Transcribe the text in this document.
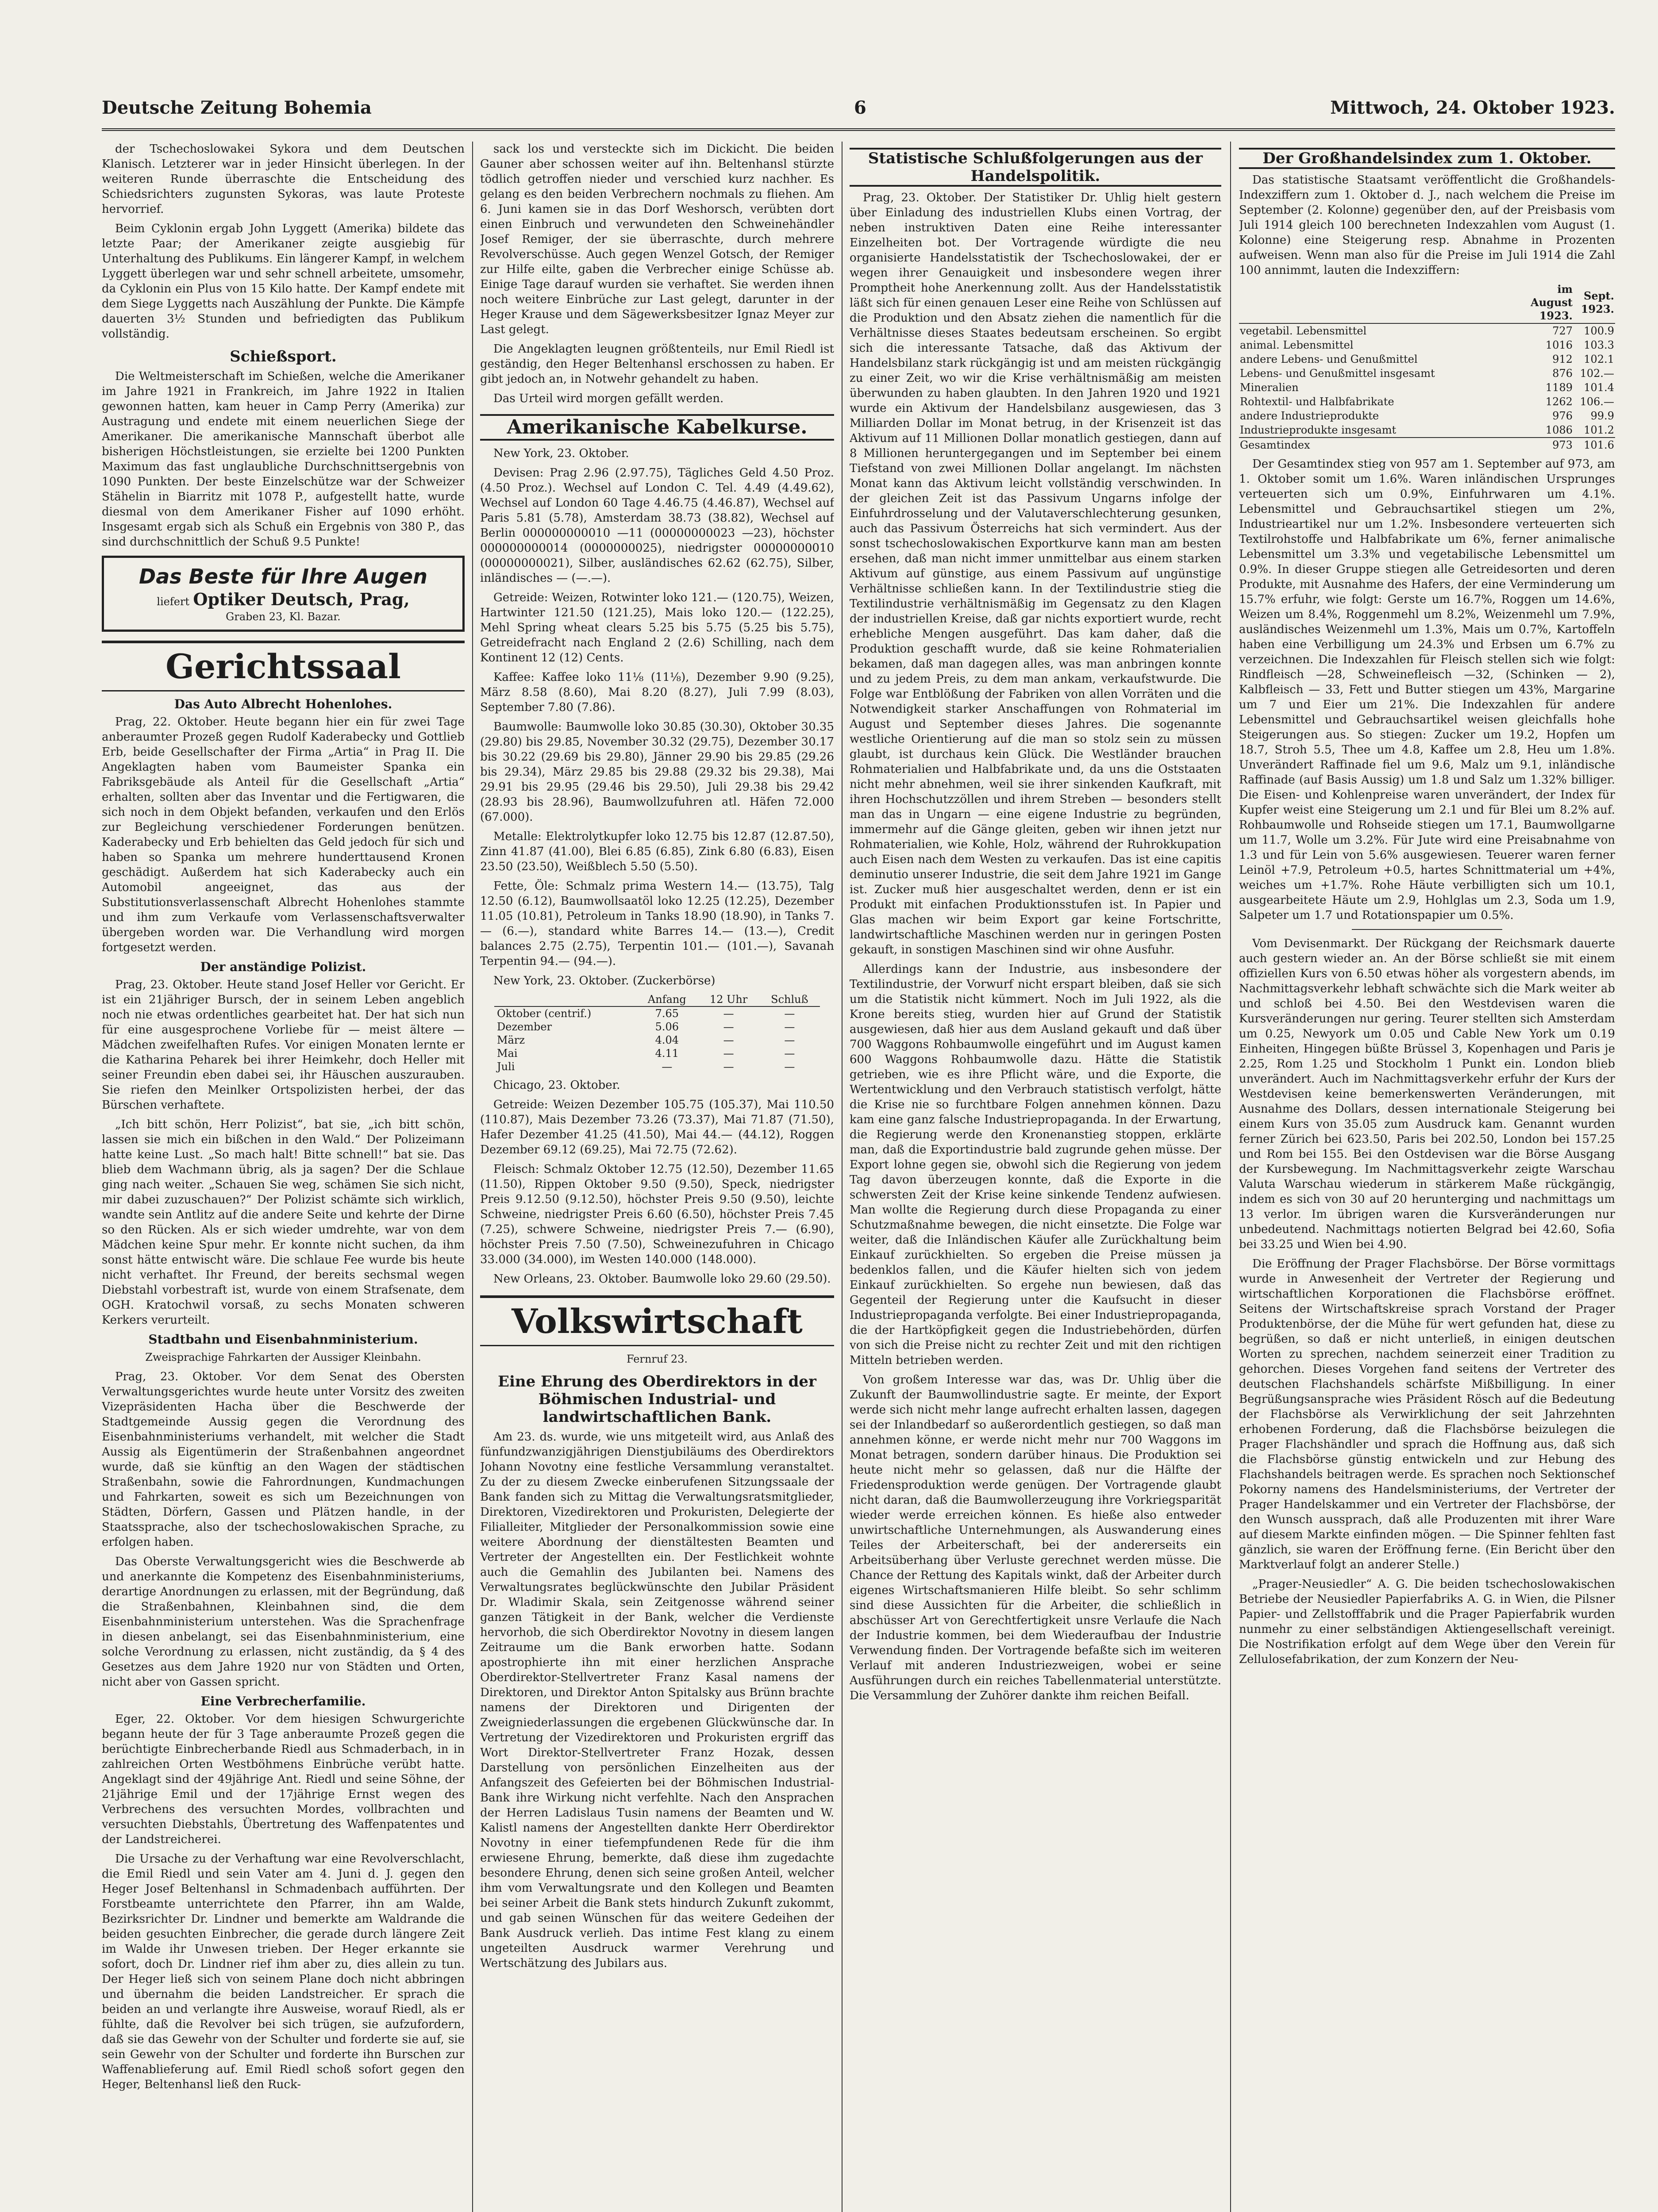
Deutsche Zeitung Bohemia	6	Mittwoch, 24. Oktober 1923.

der Tschechoslowakei Sykora und dem Deutschen Klanisch. Letzterer war in jeder Hinsicht überlegen. In der weiteren Runde überraschte die Entscheidung des Schiedsrichters zugunsten Sykoras, was laute Proteste hervorrief.

Beim Cyklonin ergab John Lyggett (Amerika) bildete das letzte Paar; der Amerikaner zeigte ausgiebig für Unterhaltung des Publikums. Ein längerer Kampf, in welchem Lyggett überlegen war und sehr schnell arbeitete, umsomehr, da Cyklonin ein Plus von 15 Kilo hatte. Der Kampf endete mit dem Siege Lyggetts nach Auszählung der Punkte. Die Kämpfe dauerten 3½ Stunden und befriedigten das Publikum vollständig.

Schießsport.

Die Weltmeisterschaft im Schießen, welche die Amerikaner im Jahre 1921 in Frankreich, im Jahre 1922 in Italien gewonnen hatten, kam heuer in Camp Perry (Amerika) zur Austragung und endete mit einem neuerlichen Siege der Amerikaner. Die amerikanische Mannschaft überbot alle bisherigen Höchstleistungen, sie erzielte bei 1200 Punkten Maximum das fast unglaubliche Durchschnittsergebnis von 1090 Punkten. Der beste Einzelschütze war der Schweizer Stähelin in Biarritz mit 1078 P., aufgestellt hatte, wurde diesmal von dem Amerikaner Fisher auf 1090 erhöht. Insgesamt ergab sich als Schuß ein Ergebnis von 380 P., das sind durchschnittlich der Schuß 9.5 Punkte!

Das Beste für Ihre Augen
liefert Optiker Deutsch, Prag,
Graben 23, Kl. Bazar.
Gerichtssaal
Das Auto Albrecht Hohenlohes.

Prag, 22. Oktober. Heute begann hier ein für zwei Tage anberaumter Prozeß gegen Rudolf Kaderabecky und Gottlieb Erb, beide Gesellschafter der Firma „Artia“ in Prag II. Die Angeklagten haben vom Baumeister Spanka ein Fabriksgebäude als Anteil für die Gesellschaft „Artia“ erhalten, sollten aber das Inventar und die Fertigwaren, die sich noch in dem Objekt befanden, verkaufen und den Erlös zur Begleichung verschiedener Forderungen benützen. Kaderabecky und Erb behielten das Geld jedoch für sich und haben so Spanka um mehrere hunderttausend Kronen geschädigt. Außerdem hat sich Kaderabecky auch ein Automobil angeeignet, das aus der Substitutionsverlassenschaft Albrecht Hohenlohes stammte und ihm zum Verkaufe vom Verlassenschaftsverwalter übergeben worden war. Die Verhandlung wird morgen fortgesetzt werden.

Der anständige Polizist.

Prag, 23. Oktober. Heute stand Josef Heller vor Gericht. Er ist ein 21jähriger Bursch, der in seinem Leben angeblich noch nie etwas ordentliches gearbeitet hat. Der hat sich nun für eine ausgesprochene Vorliebe für — meist ältere — Mädchen zweifelhaften Rufes. Vor einigen Monaten lernte er die Katharina Peharek bei ihrer Heimkehr, doch Heller mit seiner Freundin eben dabei sei, ihr Häuschen auszurauben. Sie riefen den Meinlker Ortspolizisten herbei, der das Bürschen verhaftete.

„Ich bitt schön, Herr Polizist“, bat sie, „ich bitt schön, lassen sie mich ein bißchen in den Wald.“ Der Polizeimann hatte keine Lust. „So mach halt! Bitte schnell!“ bat sie. Das blieb dem Wachmann übrig, als ja sagen? Der die Schlaue ging nach weiter. „Schauen Sie weg, schämen Sie sich nicht, mir dabei zuzuschauen?“ Der Polizist schämte sich wirklich, wandte sein Antlitz auf die andere Seite und kehrte der Dirne so den Rücken. Als er sich wieder umdrehte, war von dem Mädchen keine Spur mehr. Er konnte nicht suchen, da ihm sonst hätte entwischt wäre. Die schlaue Fee wurde bis heute nicht verhaftet. Ihr Freund, der bereits sechsmal wegen Diebstahl vorbestraft ist, wurde von einem Strafsenate, dem OGH. Kratochwil vorsaß, zu sechs Monaten schweren Kerkers verurteilt.

Stadtbahn und Eisenbahnministerium.
Zweisprachige Fahrkarten der Aussiger Kleinbahn.

Prag, 23. Oktober. Vor dem Senat des Obersten Verwaltungsgerichtes wurde heute unter Vorsitz des zweiten Vizepräsidenten Hacha über die Beschwerde der Stadtgemeinde Aussig gegen die Verordnung des Eisenbahnministeriums verhandelt, mit welcher die Stadt Aussig als Eigentümerin der Straßenbahnen angeordnet wurde, daß sie künftig an den Wagen der städtischen Straßenbahn, sowie die Fahrordnungen, Kundmachungen und Fahrkarten, soweit es sich um Bezeichnungen von Städten, Dörfern, Gassen und Plätzen handle, in der Staatssprache, also der tschechoslowakischen Sprache, zu erfolgen haben.

Das Oberste Verwaltungsgericht wies die Beschwerde ab und anerkannte die Kompetenz des Eisenbahnministeriums, derartige Anordnungen zu erlassen, mit der Begründung, daß die Straßenbahnen, Kleinbahnen sind, die dem Eisenbahnministerium unterstehen. Was die Sprachenfrage in diesen anbelangt, sei das Eisenbahnministerium, eine solche Verordnung zu erlassen, nicht zuständig, da § 4 des Gesetzes aus dem Jahre 1920 nur von Städten und Orten, nicht aber von Gassen spricht.

Eine Verbrecherfamilie.

Eger, 22. Oktober. Vor dem hiesigen Schwurgerichte begann heute der für 3 Tage anberaumte Prozeß gegen die berüchtigte Einbrecherbande Riedl aus Schmaderbach, in in zahlreichen Orten Westböhmens Einbrüche verübt hatte. Angeklagt sind der 49jährige Ant. Riedl und seine Söhne, der 21jährige Emil und der 17jährige Ernst wegen des Verbrechens des versuchten Mordes, vollbrachten und versuchten Diebstahls, Übertretung des Waffenpatentes und der Landstreicherei.

Die Ursache zu der Verhaftung war eine Revolverschlacht, die Emil Riedl und sein Vater am 4. Juni d. J. gegen den Heger Josef Beltenhansl in Schmadenbach aufführten. Der Forstbeamte unterrichtete den Pfarrer, ihn am Walde, Bezirksrichter Dr. Lindner und bemerkte am Waldrande die beiden gesuchten Einbrecher, die gerade durch längere Zeit im Walde ihr Unwesen trieben. Der Heger erkannte sie sofort, doch Dr. Lindner rief ihm aber zu, dies allein zu tun. Der Heger ließ sich von seinem Plane doch nicht abbringen und übernahm die beiden Landstreicher. Er sprach die beiden an und verlangte ihre Ausweise, worauf Riedl, als er fühlte, daß die Revolver bei sich trügen, sie aufzufordern, daß sie das Gewehr von der Schulter und forderte sie auf, sie sein Gewehr von der Schulter und forderte ihn Burschen zur Waffenablieferung auf. Emil Riedl schoß sofort gegen den Heger, Beltenhansl ließ den Ruck-

sack los und versteckte sich im Dickicht. Die beiden Gauner aber schossen weiter auf ihn. Beltenhansl stürzte tödlich getroffen nieder und verschied kurz nachher. Es gelang es den beiden Verbrechern nochmals zu fliehen. Am 6. Juni kamen sie in das Dorf Weshorsch, verübten dort einen Einbruch und verwundeten den Schweinehändler Josef Remiger, der sie überraschte, durch mehrere Revolverschüsse. Auch gegen Wenzel Gotsch, der Remiger zur Hilfe eilte, gaben die Verbrecher einige Schüsse ab. Einige Tage darauf wurden sie verhaftet. Sie werden ihnen noch weitere Einbrüche zur Last gelegt, darunter in der Heger Krause und dem Sägewerksbesitzer Ignaz Meyer zur Last gelegt.

Die Angeklagten leugnen größtenteils, nur Emil Riedl ist geständig, den Heger Beltenhansl erschossen zu haben. Er gibt jedoch an, in Notwehr gehandelt zu haben.

Das Urteil wird morgen gefällt werden.

Amerikanische Kabelkurse.

New York, 23. Oktober.

Devisen: Prag 2.96 (2.97.75), Tägliches Geld 4.50 Proz. (4.50 Proz.). Wechsel auf London C. Tel. 4.49 (4.49.62), Wechsel auf London 60 Tage 4.46.75 (4.46.87), Wechsel auf Paris 5.81 (5.78), Amsterdam 38.73 (38.82), Wechsel auf Berlin 000000000010 —11 (00000000023 —23), höchster 000000000014 (0000000025), niedrigster 00000000010 (00000000021), Silber, ausländisches 62.62 (62.75), Silber, inländisches — (—.—).

Getreide: Weizen, Rotwinter loko 121.— (120.75), Weizen, Hartwinter 121.50 (121.25), Mais loko 120.— (122.25), Mehl Spring wheat clears 5.25 bis 5.75 (5.25 bis 5.75), Getreidefracht nach England 2 (2.6) Schilling, nach dem Kontinent 12 (12) Cents.

Kaffee: Kaffee loko 11⅛ (11⅛), Dezember 9.90 (9.25), März 8.58 (8.60), Mai 8.20 (8.27), Juli 7.99 (8.03), September 7.80 (7.86).

Baumwolle: Baumwolle loko 30.85 (30.30), Oktober 30.35 (29.80) bis 29.85, November 30.32 (29.75), Dezember 30.17 bis 30.22 (29.69 bis 29.80), Jänner 29.90 bis 29.85 (29.26 bis 29.34), März 29.85 bis 29.88 (29.32 bis 29.38), Mai 29.91 bis 29.95 (29.46 bis 29.50), Juli 29.38 bis 29.42 (28.93 bis 28.96), Baumwollzufuhren atl. Häfen 72.000 (67.000).

Metalle: Elektrolytkupfer loko 12.75 bis 12.87 (12.87.50), Zinn 41.87 (41.00), Blei 6.85 (6.85), Zink 6.80 (6.83), Eisen 23.50 (23.50), Weißblech 5.50 (5.50).

Fette, Öle: Schmalz prima Western 14.— (13.75), Talg 12.50 (6.12), Baumwollsaatöl loko 12.25 (12.25), Dezember 11.05 (10.81), Petroleum in Tanks 18.90 (18.90), in Tanks 7.— (6.—), standard white Barres 14.— (13.—), Credit balances 2.75 (2.75), Terpentin 101.— (101.—), Savanah Terpentin 94.— (94.—).

New York, 23. Oktober. (Zuckerbörse)

	Anfang	12 Uhr	Schluß
Oktober (centrif.)	7.65	—	—
Dezember	5.06	—	—
März	4.04	—	—
Mai	4.11	—	—
Juli	—	—	—

Chicago, 23. Oktober.

Getreide: Weizen Dezember 105.75 (105.37), Mai 110.50 (110.87), Mais Dezember 73.26 (73.37), Mai 71.87 (71.50), Hafer Dezember 41.25 (41.50), Mai 44.— (44.12), Roggen Dezember 69.12 (69.25), Mai 72.75 (72.62).

Fleisch: Schmalz Oktober 12.75 (12.50), Dezember 11.65 (11.50), Rippen Oktober 9.50 (9.50), Speck, niedrigster Preis 9.12.50 (9.12.50), höchster Preis 9.50 (9.50), leichte Schweine, niedrigster Preis 6.60 (6.50), höchster Preis 7.45 (7.25), schwere Schweine, niedrigster Preis 7.— (6.90), höchster Preis 7.50 (7.50), Schweinezufuhren in Chicago 33.000 (34.000), im Westen 140.000 (148.000).

New Orleans, 23. Oktober. Baumwolle loko 29.60 (29.50).

Volkswirtschaft
Fernruf 23.
Eine Ehrung des Oberdirektors in der Böhmischen Industrial- und landwirtschaftlichen Bank.

Am 23. ds. wurde, wie uns mitgeteilt wird, aus Anlaß des fünfundzwanzigjährigen Dienstjubiläums des Oberdirektors Johann Novotny eine festliche Versammlung veranstaltet. Zu der zu diesem Zwecke einberufenen Sitzungssaale der Bank fanden sich zu Mittag die Verwaltungsratsmitglieder, Direktoren, Vizedirektoren und Prokuristen, Delegierte der Filialleiter, Mitglieder der Personalkommission sowie eine weitere Abordnung der dienstältesten Beamten und Vertreter der Angestellten ein. Der Festlichkeit wohnte auch die Gemahlin des Jubilanten bei. Namens des Verwaltungsrates beglückwünschte den Jubilar Präsident Dr. Wladimir Skala, sein Zeitgenosse während seiner ganzen Tätigkeit in der Bank, welcher die Verdienste hervorhob, die sich Oberdirektor Novotny in diesem langen Zeitraume um die Bank erworben hatte. Sodann apostrophierte ihn mit einer herzlichen Ansprache Oberdirektor-Stellvertreter Franz Kasal namens der Direktoren, und Direktor Anton Spitalsky aus Brünn brachte namens der Direktoren und Dirigenten der Zweigniederlassungen die ergebenen Glückwünsche dar. In Vertretung der Vizedirektoren und Prokuristen ergriff das Wort Direktor-Stellvertreter Franz Hozak, dessen Darstellung von persönlichen Einzelheiten aus der Anfangszeit des Gefeierten bei der Böhmischen Industrial-Bank ihre Wirkung nicht verfehlte. Nach den Ansprachen der Herren Ladislaus Tusin namens der Beamten und W. Kalistl namens der Angestellten dankte Herr Oberdirektor Novotny in einer tiefempfundenen Rede für die ihm erwiesene Ehrung, bemerkte, daß diese ihm zugedachte besondere Ehrung, denen sich seine großen Anteil, welcher ihm vom Verwaltungsrate und den Kollegen und Beamten bei seiner Arbeit die Bank stets hindurch Zukunft zukommt, und gab seinen Wünschen für das weitere Gedeihen der Bank Ausdruck verlieh. Das intime Fest klang zu einem ungeteilten Ausdruck warmer Verehrung und Wertschätzung des Jubilars aus.

Statistische Schlußfolgerungen aus der Handelspolitik.

Prag, 23. Oktober. Der Statistiker Dr. Uhlig hielt gestern über Einladung des industriellen Klubs einen Vortrag, der neben instruktiven Daten eine Reihe interessanter Einzelheiten bot. Der Vortragende würdigte die neu organisierte Handelsstatistik der Tschechoslowakei, der er wegen ihrer Genauigkeit und insbesondere wegen ihrer Promptheit hohe Anerkennung zollt. Aus der Handelsstatistik läßt sich für einen genauen Leser eine Reihe von Schlüssen auf die Produktion und den Absatz ziehen die namentlich für die Verhältnisse dieses Staates bedeutsam erscheinen. So ergibt sich die interessante Tatsache, daß das Aktivum der Handelsbilanz stark rückgängig ist und am meisten rückgängig zu einer Zeit, wo wir die Krise verhältnismäßig am meisten überwunden zu haben glaubten. In den Jahren 1920 und 1921 wurde ein Aktivum der Handelsbilanz ausgewiesen, das 3 Milliarden Dollar im Monat betrug, in der Krisenzeit ist das Aktivum auf 11 Millionen Dollar monatlich gestiegen, dann auf 8 Millionen heruntergegangen und im September bei einem Tiefstand von zwei Millionen Dollar angelangt. Im nächsten Monat kann das Aktivum leicht vollständig verschwinden. In der gleichen Zeit ist das Passivum Ungarns infolge der Einfuhrdrosselung und der Valutaverschlechterung gesunken, auch das Passivum Österreichs hat sich vermindert. Aus der sonst tschechoslowakischen Exportkurve kann man am besten ersehen, daß man nicht immer unmittelbar aus einem starken Aktivum auf günstige, aus einem Passivum auf ungünstige Verhältnisse schließen kann. In der Textilindustrie stieg die Textilindustrie verhältnismäßig im Gegensatz zu den Klagen der industriellen Kreise, daß gar nichts exportiert wurde, recht erhebliche Mengen ausgeführt. Das kam daher, daß die Produktion geschafft wurde, daß sie keine Rohmaterialien bekamen, daß man dagegen alles, was man anbringen konnte und zu jedem Preis, zu dem man ankam, verkaufstwurde. Die Folge war Entblößung der Fabriken von allen Vorräten und die Notwendigkeit starker Anschaffungen von Rohmaterial im August und September dieses Jahres. Die sogenannte westliche Orientierung auf die man so stolz sein zu müssen glaubt, ist durchaus kein Glück. Die Westländer brauchen Rohmaterialien und Halbfabrikate und, da uns die Oststaaten nicht mehr abnehmen, weil sie ihrer sinkenden Kaufkraft, mit ihren Hochschutzzöllen und ihrem Streben — besonders stellt man das in Ungarn — eine eigene Industrie zu begründen, immermehr auf die Gänge gleiten, geben wir ihnen jetzt nur Rohmaterialien, wie Kohle, Holz, während der Ruhrokkupation auch Eisen nach dem Westen zu verkaufen. Das ist eine capitis deminutio unserer Industrie, die seit dem Jahre 1921 im Gange ist. Zucker muß hier ausgeschaltet werden, denn er ist ein Produkt mit einfachen Produktionsstufen ist. In Papier und Glas machen wir beim Export gar keine Fortschritte, landwirtschaftliche Maschinen werden nur in geringen Posten gekauft, in sonstigen Maschinen sind wir ohne Ausfuhr.

Allerdings kann der Industrie, aus insbesondere der Textilindustrie, der Vorwurf nicht erspart bleiben, daß sie sich um die Statistik nicht kümmert. Noch im Juli 1922, als die Krone bereits stieg, wurden hier auf Grund der Statistik ausgewiesen, daß hier aus dem Ausland gekauft und daß über 700 Waggons Rohbaumwolle eingeführt und im August kamen 600 Waggons Rohbaumwolle dazu. Hätte die Statistik getrieben, wie es ihre Pflicht wäre, und die Exporte, die Wertentwicklung und den Verbrauch statistisch verfolgt, hätte die Krise nie so furchtbare Folgen annehmen können. Dazu kam eine ganz falsche Industriepropaganda. In der Erwartung, die Regierung werde den Kronenanstieg stoppen, erklärte man, daß die Exportindustrie bald zugrunde gehen müsse. Der Export lohne gegen sie, obwohl sich die Regierung von jedem Tag davon überzeugen konnte, daß die Exporte in die schwersten Zeit der Krise keine sinkende Tendenz aufwiesen. Man wollte die Regierung durch diese Propaganda zu einer Schutzmaßnahme bewegen, die nicht einsetzte. Die Folge war weiter, daß die Inländischen Käufer alle Zurückhaltung beim Einkauf zurückhielten. So ergeben die Preise müssen ja bedenklos fallen, und die Käufer hielten sich von jedem Einkauf zurückhielten. So ergehe nun bewiesen, daß das Gegenteil der Regierung unter die Kaufsucht in dieser Industriepropaganda verfolgte. Bei einer Industriepropaganda, die der Hartköpfigkeit gegen die Industriebehörden, dürfen von sich die Preise nicht zu rechter Zeit und mit den richtigen Mitteln betrieben werden.

Von großem Interesse war das, was Dr. Uhlig über die Zukunft der Baumwollindustrie sagte. Er meinte, der Export werde sich nicht mehr lange aufrecht erhalten lassen, dagegen sei der Inlandbedarf so außerordentlich gestiegen, so daß man annehmen könne, er werde nicht mehr nur 700 Waggons im Monat betragen, sondern darüber hinaus. Die Produktion sei heute nicht mehr so gelassen, daß nur die Hälfte der Friedensproduktion werde genügen. Der Vortragende glaubt nicht daran, daß die Baumwollerzeugung ihre Vorkriegsparität wieder werde erreichen können. Es hieße also entweder unwirtschaftliche Unternehmungen, als Auswanderung eines Teiles der Arbeiterschaft, bei der andererseits ein Arbeitsüberhang über Verluste gerechnet werden müsse. Die Chance der Rettung des Kapitals winkt, daß der Arbeiter durch eigenes Wirtschaftsmanieren Hilfe bleibt. So sehr schlimm sind diese Aussichten für die Arbeiter, die schließlich in abschüsser Art von Gerechtfertigkeit unsre Verlaufe die Nach der Industrie kommen, bei dem Wiederaufbau der Industrie Verwendung finden. Der Vortragende befaßte sich im weiteren Verlauf mit anderen Industriezweigen, wobei er seine Ausführungen durch ein reiches Tabellenmaterial unterstützte. Die Versammlung der Zuhörer dankte ihm reichen Beifall.

Der Großhandelsindex zum 1. Oktober.

Das statistische Staatsamt veröffentlicht die Großhandels-Indexziffern zum 1. Oktober d. J., nach welchem die Preise im September (2. Kolonne) gegenüber den, auf der Preisbasis vom Juli 1914 gleich 100 berechneten Indexzahlen vom August (1. Kolonne) eine Steigerung resp. Abnahme in Prozenten aufweisen. Wenn man also für die Preise im Juli 1914 die Zahl 100 annimmt, lauten die Indexziffern:

	im August 1923.	Sept. 1923.
vegetabil. Lebensmittel	727	100.9
animal. Lebensmittel	1016	103.3
andere Lebens- und Genußmittel	912	102.1
Lebens- und Genußmittel insgesamt	876	102.—
Mineralien	1189	101.4
Rohtextil- und Halbfabrikate	1262	106.—
andere Industrieprodukte	976	99.9
Industrieprodukte insgesamt	1086	101.2
Gesamtindex	973	101.6

Der Gesamtindex stieg von 957 am 1. September auf 973, am 1. Oktober somit um 1.6%. Waren inländischen Ursprunges verteuerten sich um 0.9%, Einfuhrwaren um 4.1%. Lebensmittel und Gebrauchsartikel stiegen um 2%, Industrieartikel nur um 1.2%. Insbesondere verteuerten sich Textilrohstoffe und Halbfabrikate um 6%, ferner animalische Lebensmittel um 3.3% und vegetabilische Lebensmittel um 0.9%. In dieser Gruppe stiegen alle Getreidesorten und deren Produkte, mit Ausnahme des Hafers, der eine Verminderung um 15.7% erfuhr, wie folgt: Gerste um 16.7%, Roggen um 14.6%, Weizen um 8.4%, Roggenmehl um 8.2%, Weizenmehl um 7.9%, ausländisches Weizenmehl um 1.3%, Mais um 0.7%, Kartoffeln haben eine Verbilligung um 24.3% und Erbsen um 6.7% zu verzeichnen. Die Indexzahlen für Fleisch stellen sich wie folgt: Rindfleisch —28, Schweinefleisch —32, (Schinken — 2), Kalbfleisch — 33, Fett und Butter stiegen um 43%, Margarine um 7 und Eier um 21%. Die Indexzahlen für andere Lebensmittel und Gebrauchsartikel weisen gleichfalls hohe Steigerungen aus. So stiegen: Zucker um 19.2, Hopfen um 18.7, Stroh 5.5, Thee um 4.8, Kaffee um 2.8, Heu um 1.8%. Unverändert Raffinade fiel um 9.6, Malz um 9.1, inländische Raffinade (auf Basis Aussig) um 1.8 und Salz um 1.32% billiger. Die Eisen- und Kohlenpreise waren unverändert, der Index für Kupfer weist eine Steigerung um 2.1 und für Blei um 8.2% auf. Rohbaumwolle und Rohseide stiegen um 17.1, Baumwollgarne um 11.7, Wolle um 3.2%. Für Jute wird eine Preisabnahme von 1.3 und für Lein von 5.6% ausgewiesen. Teuerer waren ferner Leinöl +7.9, Petroleum +0.5, hartes Schnittmaterial um +4%, weiches um +1.7%. Rohe Häute verbilligten sich um 10.1, ausgearbeitete Häute um 2.9, Hohlglas um 2.3, Soda um 1.9, Salpeter um 1.7 und Rotationspapier um 0.5%.

Vom Devisenmarkt. Der Rückgang der Reichsmark dauerte auch gestern wieder an. An der Börse schließt sie mit einem offiziellen Kurs von 6.50 etwas höher als vorgestern abends, im Nachmittagsverkehr lebhaft schwächte sich die Mark weiter ab und schloß bei 4.50. Bei den Westdevisen waren die Kursveränderungen nur gering. Teurer stellten sich Amsterdam um 0.25, Newyork um 0.05 und Cable New York um 0.19 Einheiten, Hingegen büßte Brüssel 3, Kopenhagen und Paris je 2.25, Rom 1.25 und Stockholm 1 Punkt ein. London blieb unverändert. Auch im Nachmittagsverkehr erfuhr der Kurs der Westdevisen keine bemerkenswerten Veränderungen, mit Ausnahme des Dollars, dessen internationale Steigerung bei einem Kurs von 35.05 zum Ausdruck kam. Genannt wurden ferner Zürich bei 623.50, Paris bei 202.50, London bei 157.25 und Rom bei 155. Bei den Ostdevisen war die Börse Ausgang der Kursbewegung. Im Nachmittagsverkehr zeigte Warschau Valuta Warschau wiederum in stärkerem Maße rückgängig, indem es sich von 30 auf 20 herunterging und nachmittags um 13 verlor. Im übrigen waren die Kursveränderungen nur unbedeutend. Nachmittags notierten Belgrad bei 42.60, Sofia bei 33.25 und Wien bei 4.90.

Die Eröffnung der Prager Flachsbörse. Der Börse vormittags wurde in Anwesenheit der Vertreter der Regierung und wirtschaftlichen Korporationen die Flachsbörse eröffnet. Seitens der Wirtschaftskreise sprach Vorstand der Prager Produktenbörse, der die Mühe für wert gefunden hat, diese zu begrüßen, so daß er nicht unterließ, in einigen deutschen Worten zu sprechen, nachdem seinerzeit einer Tradition zu gehorchen. Dieses Vorgehen fand seitens der Vertreter des deutschen Flachshandels schärfste Mißbilligung. In einer Begrüßungsansprache wies Präsident Rösch auf die Bedeutung der Flachsbörse als Verwirklichung der seit Jahrzehnten erhobenen Forderung, daß die Flachsbörse beizulegen die Prager Flachshändler und sprach die Hoffnung aus, daß sich die Flachsbörse günstig entwickeln und zur Hebung des Flachshandels beitragen werde. Es sprachen noch Sektionschef Pokorny namens des Handelsministeriums, der Vertreter der Prager Handelskammer und ein Vertreter der Flachsbörse, der den Wunsch aussprach, daß alle Produzenten mit ihrer Ware auf diesem Markte einfinden mögen. — Die Spinner fehlten fast gänzlich, sie waren der Eröffnung ferne. (Ein Bericht über den Marktverlauf folgt an anderer Stelle.)

„Prager-Neusiedler“ A. G. Die beiden tschechoslowakischen Betriebe der Neusiedler Papierfabriks A. G. in Wien, die Pilsner Papier- und Zellstofffabrik und die Prager Papierfabrik wurden nunmehr zu einer selbständigen Aktiengesellschaft vereinigt. Die Nostrifikation erfolgt auf dem Wege über den Verein für Zellulosefabrikation, der zum Konzern der Neu-
